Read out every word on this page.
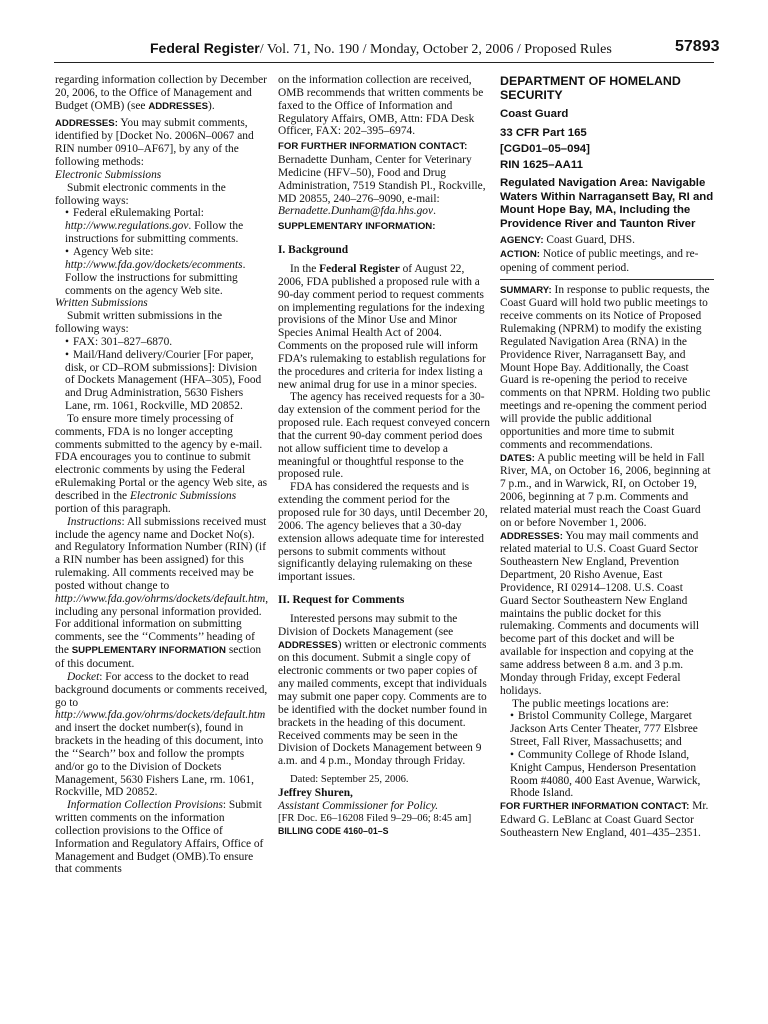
Federal Register/ Vol. 71, No. 190 / Monday, October 2, 2006 / Proposed Rules	57893

regarding information collection by December 20, 2006, to the Office of Management and Budget (OMB) (see ADDRESSES).

ADDRESSES: You may submit comments, identified by [Docket No. 2006N–0067 and RIN number 0910–AF67], by any of the following methods:

Electronic Submissions

Submit electronic comments in the following ways:

• Federal eRulemaking Portal: http://www.regulations.gov. Follow the instructions for submitting comments.

• Agency Web site: http://www.fda.gov/dockets/ecomments. Follow the instructions for submitting comments on the agency Web site.

Written Submissions

Submit written submissions in the following ways:

• FAX: 301–827–6870.

• Mail/Hand delivery/Courier [For paper, disk, or CD–ROM submissions]: Division of Dockets Management (HFA–305), Food and Drug Administration, 5630 Fishers Lane, rm. 1061, Rockville, MD 20852.

To ensure more timely processing of comments, FDA is no longer accepting comments submitted to the agency by e-mail. FDA encourages you to continue to submit electronic comments by using the Federal eRulemaking Portal or the agency Web site, as described in the Electronic Submissions portion of this paragraph.

Instructions: All submissions received must include the agency name and Docket No(s). and Regulatory Information Number (RIN) (if a RIN number has been assigned) for this rulemaking. All comments received may be posted without change to http://www.fda.gov/ohrms/dockets/default.htm, including any personal information provided. For additional information on submitting comments, see the ‘‘Comments’’ heading of the SUPPLEMENTARY INFORMATION section of this document.

Docket: For access to the docket to read background documents or comments received, go to http://www.fda.gov/ohrms/dockets/default.htm and insert the docket number(s), found in brackets in the heading of this document, into the ‘‘Search’’ box and follow the prompts and/or go to the Division of Dockets Management, 5630 Fishers Lane, rm. 1061, Rockville, MD 20852.

Information Collection Provisions: Submit written comments on the information collection provisions to the Office of Information and Regulatory Affairs, Office of Management and Budget (OMB).To ensure that comments

on the information collection are received, OMB recommends that written comments be faxed to the Office of Information and Regulatory Affairs, OMB, Attn: FDA Desk Officer, FAX: 202–395–6974.

FOR FURTHER INFORMATION CONTACT:

Bernadette Dunham, Center for Veterinary Medicine (HFV–50), Food and Drug Administration, 7519 Standish Pl., Rockville, MD 20855, 240–276–9090, e-mail: Bernadette.Dunham@fda.hhs.gov.

SUPPLEMENTARY INFORMATION:

I. Background

In the Federal Register of August 22, 2006, FDA published a proposed rule with a 90-day comment period to request comments on implementing regulations for the indexing provisions of the Minor Use and Minor Species Animal Health Act of 2004. Comments on the proposed rule will inform FDA’s rulemaking to establish regulations for the procedures and criteria for index listing a new animal drug for use in a minor species.

The agency has received requests for a 30-day extension of the comment period for the proposed rule. Each request conveyed concern that the current 90-day comment period does not allow sufficient time to develop a meaningful or thoughtful response to the proposed rule.

FDA has considered the requests and is extending the comment period for the proposed rule for 30 days, until December 20, 2006. The agency believes that a 30-day extension allows adequate time for interested persons to submit comments without significantly delaying rulemaking on these important issues.

II. Request for Comments

Interested persons may submit to the Division of Dockets Management (see ADDRESSES) written or electronic comments on this document. Submit a single copy of electronic comments or two paper copies of any mailed comments, except that individuals may submit one paper copy. Comments are to be identified with the docket number found in brackets in the heading of this document. Received comments may be seen in the Division of Dockets Management between 9 a.m. and 4 p.m., Monday through Friday.

Dated: September 25, 2006.

Jeffrey Shuren,

Assistant Commissioner for Policy.

[FR Doc. E6–16208 Filed 9–29–06; 8:45 am]

BILLING CODE 4160–01–S

DEPARTMENT OF HOMELAND SECURITY

Coast Guard

33 CFR Part 165

[CGD01–05–094]

RIN 1625–AA11

Regulated Navigation Area: Navigable Waters Within Narragansett Bay, RI and Mount Hope Bay, MA, Including the Providence River and Taunton River

AGENCY: Coast Guard, DHS.

ACTION: Notice of public meetings, and re-opening of comment period.

SUMMARY: In response to public requests, the Coast Guard will hold two public meetings to receive comments on its Notice of Proposed Rulemaking (NPRM) to modify the existing Regulated Navigation Area (RNA) in the Providence River, Narragansett Bay, and Mount Hope Bay. Additionally, the Coast Guard is re-opening the period to receive comments on that NPRM. Holding two public meetings and re-opening the comment period will provide the public additional opportunities and more time to submit comments and recommendations.

DATES: A public meeting will be held in Fall River, MA, on October 16, 2006, beginning at 7 p.m., and in Warwick, RI, on October 19, 2006, beginning at 7 p.m. Comments and related material must reach the Coast Guard on or before November 1, 2006.

ADDRESSES: You may mail comments and related material to U.S. Coast Guard Sector Southeastern New England, Prevention Department, 20 Risho Avenue, East Providence, RI 02914–1208. U.S. Coast Guard Sector Southeastern New England maintains the public docket for this rulemaking. Comments and documents will become part of this docket and will be available for inspection and copying at the same address between 8 a.m. and 3 p.m. Monday through Friday, except Federal holidays.

The public meetings locations are:

• Bristol Community College, Margaret Jackson Arts Center Theater, 777 Elsbree Street, Fall River, Massachusetts; and

• Community College of Rhode Island, Knight Campus, Henderson Presentation Room #4080, 400 East Avenue, Warwick, Rhode Island.

FOR FURTHER INFORMATION CONTACT: Mr. Edward G. LeBlanc at Coast Guard Sector Southeastern New England, 401–435–2351.
